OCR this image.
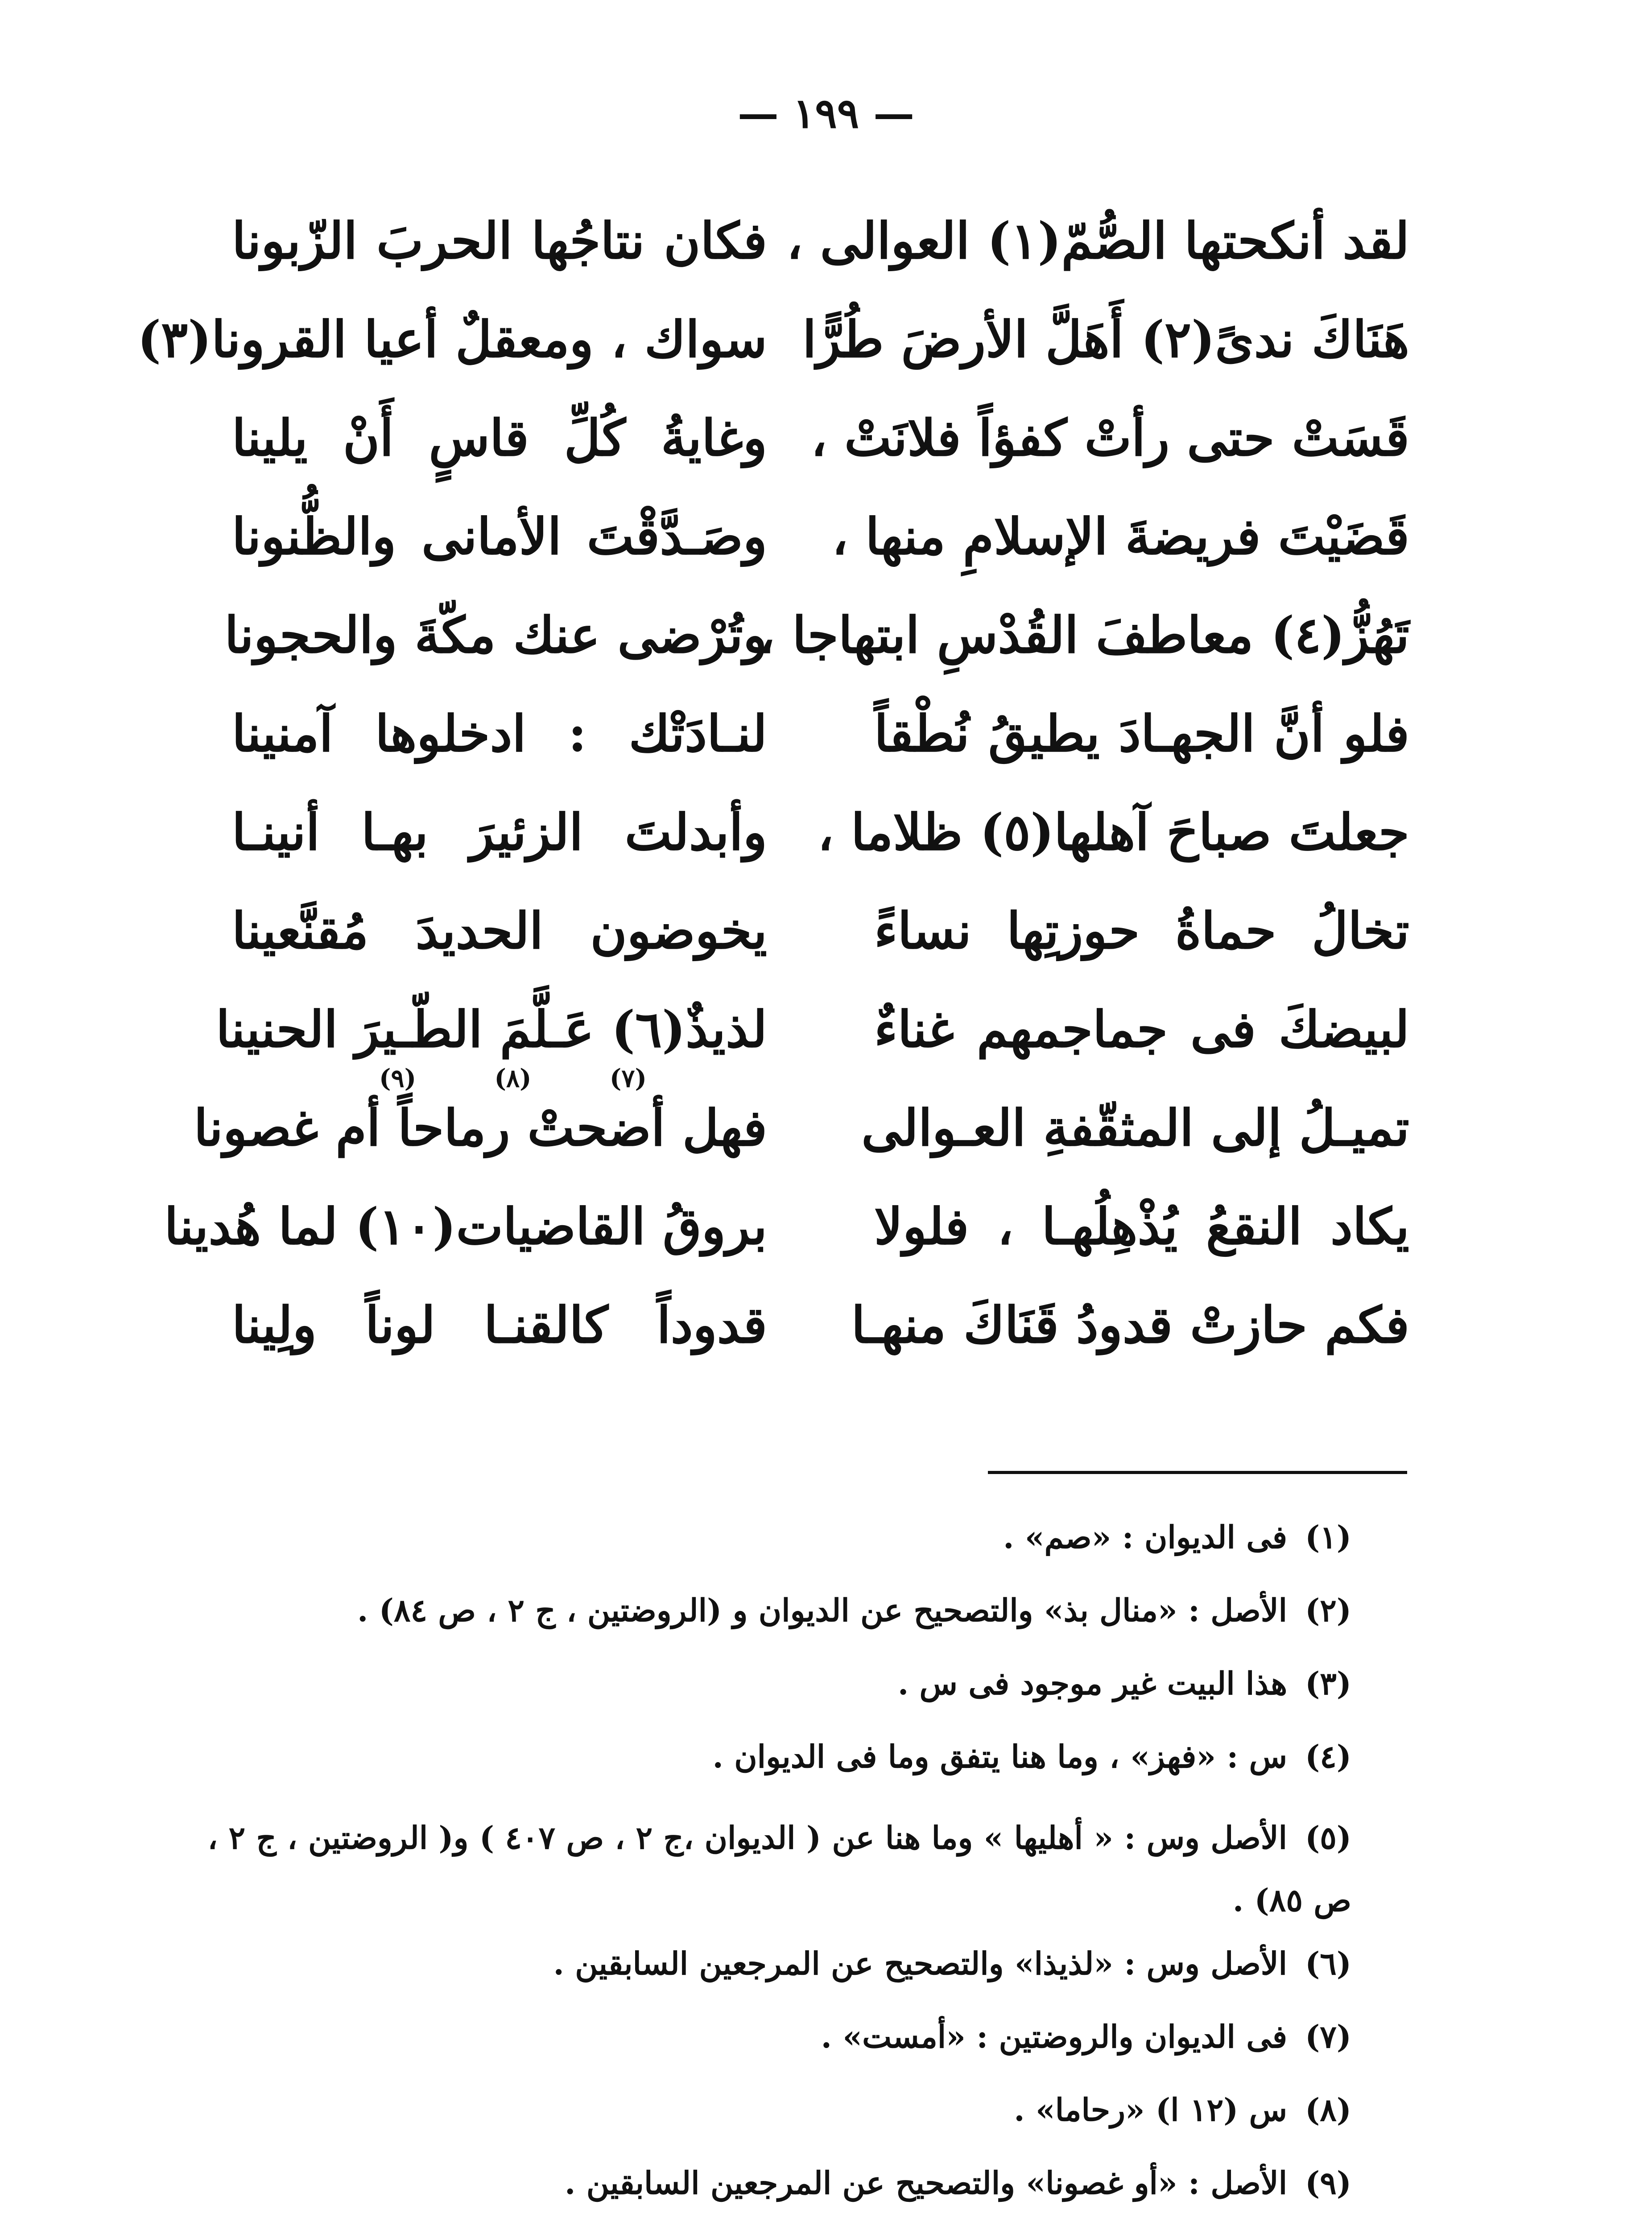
— ١٩٩ —
لقد أنكحتها الصُّمّ(١) العوالى ،
فكان نتاجُها الحربَ الزّبونا
هَنَاكَ ندىً(٢) أَهَلَّ الأرضَ طُرًّا
سواك ، ومعقلٌ أعيا القرونا(٣)
قَسَتْ حتى رأتْ كفؤاً فلانَتْ ،
وغايةُ كُلِّ قاسٍ أَنْ يلينا
قَضَيْتَ فريضةَ الإسلامِ منها ،
وصَـدَّقْتَ الأمانى والظُّنونا
تَهُزُّ(٤) معاطفَ القُدْسِ ابتهاجا ،
وتُرْضى عنك مكّةَ والحجونا
فلو أنَّ الجهـادَ يطيقُ نُطْقاً
لنـادَتْك : ادخلوها آمنينا
جعلتَ صباحَ آهلها(٥) ظلاما ،
وأبدلتَ الزئيرَ بهـا أنينـا
تخالُ حماةُ حوزتِها نساءً
يخوضون الحديدَ مُقنَّعينا
لبيضكَ فى جماجمهم غناءٌ
لذيذٌ(٦) عَـلَّمَ الطّـيرَ الحنينا
تميـلُ إلى المثقّفةِ العـوالى
فهل أضحتْ رماحاً أم غصونا
يكاد النقعُ يُذْهِلُهـا ، فلولا
بروقُ القاضيات(١٠) لما هُدينا
فكم حازتْ قدودُ قَنَاكَ منهـا
قدوداً كالقنـا لوناً ولِينا
(٧)
(٨)
(٩)
(١)فى الديوان : «صم» .
(٢)الأصل : «منال بذ» والتصحيح عن الديوان و (الروضتين ، ج ٢ ، ص ٨٤) .
(٣)هذا البيت غير موجود فى س .
(٤)س : «فهز» ، وما هنا يتفق وما فى الديوان .
(٥)الأصل وس : « أهليها » وما هنا عن ( الديوان ،ج ٢ ، ص ٤٠٧ ) و( الروضتين ، ج ٢ ، ص ٨٥) .
(٦)الأصل وس : «لذيذا» والتصحيح عن المرجعين السابقين .
(٧)فى الديوان والروضتين : «أمست» .
(٨)س (١٢ ا) «رحاما» .
(٩)الأصل : «أو غصونا» والتصحيح عن المرجعين السابقين .
